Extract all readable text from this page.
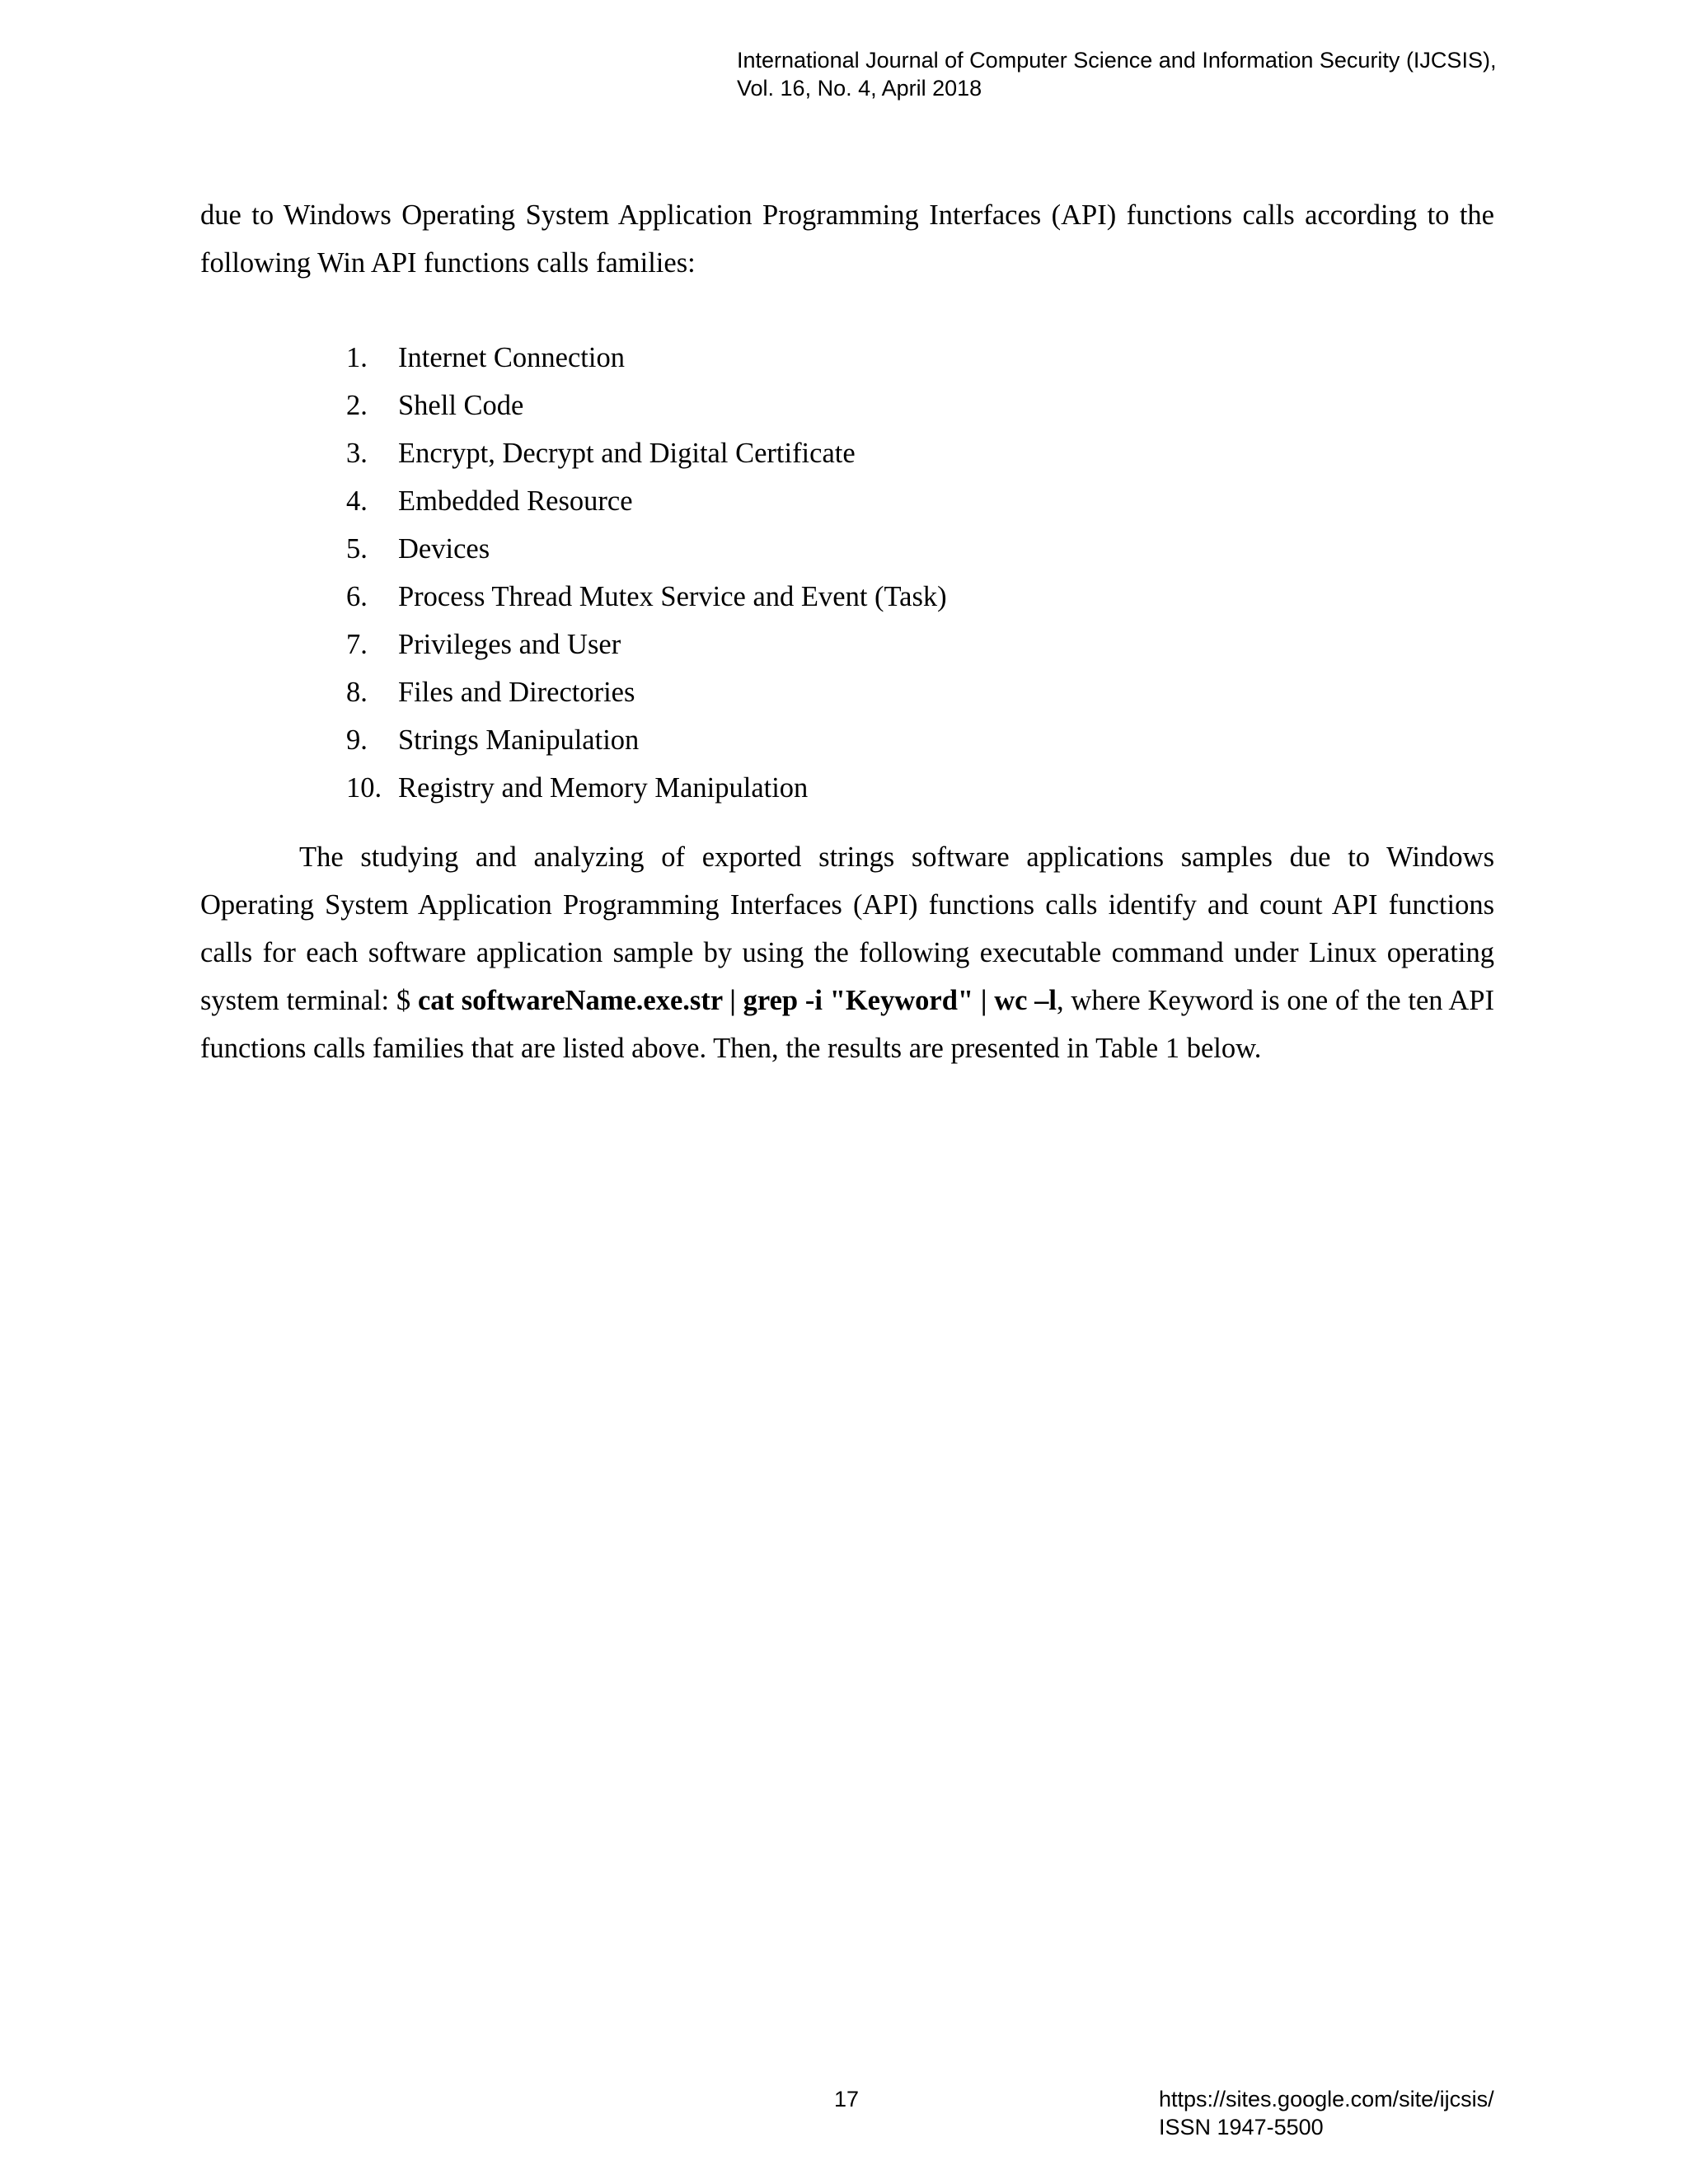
International Journal of Computer Science and Information Security (IJCSIS),
Vol. 16, No. 4, April 2018

due to Windows Operating System Application Programming Interfaces (API) functions calls according to the following Win API functions calls families:

1.	Internet Connection
2.	Shell Code
3.	Encrypt, Decrypt and Digital Certificate
4.	Embedded Resource
5.	Devices
6.	Process Thread Mutex Service and Event (Task)
7.	Privileges and User
8.	Files and Directories
9.	Strings Manipulation
10. Registry and Memory Manipulation

The studying and analyzing of exported strings software applications samples due to Windows Operating System Application Programming Interfaces (API) functions calls identify and count API functions calls for each software application sample by using the following executable command under Linux operating system terminal: $ cat softwareName.exe.str | grep -i "Keyword" | wc –l, where Keyword is one of the ten API functions calls families that are listed above. Then, the results are presented in Table 1 below.

17	https://sites.google.com/site/ijcsis/
ISSN 1947-5500
